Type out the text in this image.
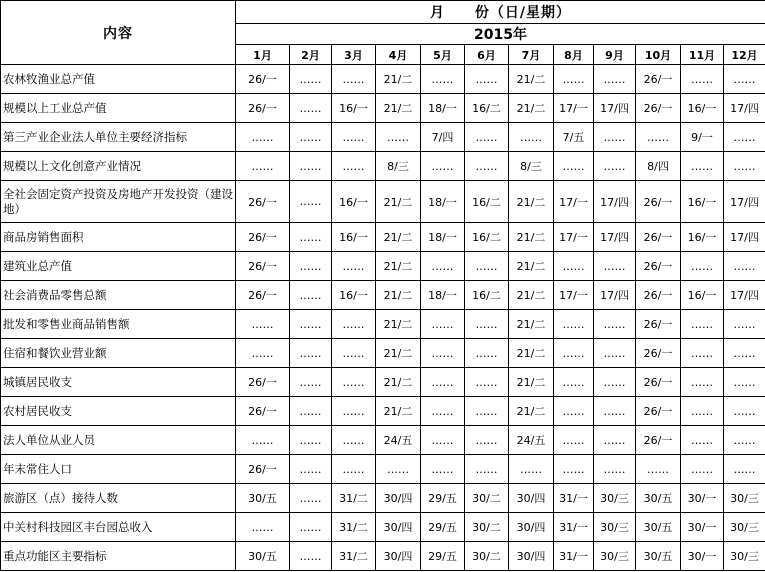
内容	月　　份（日/星期）											
	2015年											
	1月	2月	3月	4月	5月	6月	7月	8月	9月	10月	11月	12月
农林牧渔业总产值	26/一	……	……	21/二	……	……	21/二	……	……	26/一	……	……
规模以上工业总产值	26/一	……	16/一	21/二	18/一	16/二	21/二	17/一	17/四	26/一	16/一	17/四
第三产业企业法人单位主要经济指标	……	……	……	……	7/四	……	……	7/五	……	……	9/一	……
规模以上文化创意产业情况	……	……	……	8/三	……	……	8/三	……	……	8/四	……	……
全社会固定资产投资及房地产开发投资（建设地）	26/一	……	16/一	21/二	18/一	16/二	21/二	17/一	17/四	26/一	16/一	17/四
商品房销售面积	26/一	……	16/一	21/二	18/一	16/二	21/二	17/一	17/四	26/一	16/一	17/四
建筑业总产值	26/一	……	……	21/二	……	……	21/二	……	……	26/一	……	……
社会消费品零售总额	26/一	……	16/一	21/二	18/一	16/二	21/二	17/一	17/四	26/一	16/一	17/四
批发和零售业商品销售额	……	……	……	21/二	……	……	21/二	……	……	26/一	……	……
住宿和餐饮业营业额	……	……	……	21/二	……	……	21/二	……	……	26/一	……	……
城镇居民收支	26/一	……	……	21/二	……	……	21/二	……	……	26/一	……	……
农村居民收支	26/一	……	……	21/二	……	……	21/二	……	……	26/一	……	……
法人单位从业人员	……	……	……	24/五	……	……	24/五	……	……	26/一	……	……
年末常住人口	26/一	……	……	……	……	……	……	……	……	……	……	……
旅游区（点）接待人数	30/五	……	31/二	30/四	29/五	30/二	30/四	31/一	30/三	30/五	30/一	30/三
中关村科技园区丰台园总收入	……	……	31/二	30/四	29/五	30/二	30/四	31/一	30/三	30/五	30/一	30/三
重点功能区主要指标	30/五	……	31/二	30/四	29/五	30/二	30/四	31/一	30/三	30/五	30/一	30/三
